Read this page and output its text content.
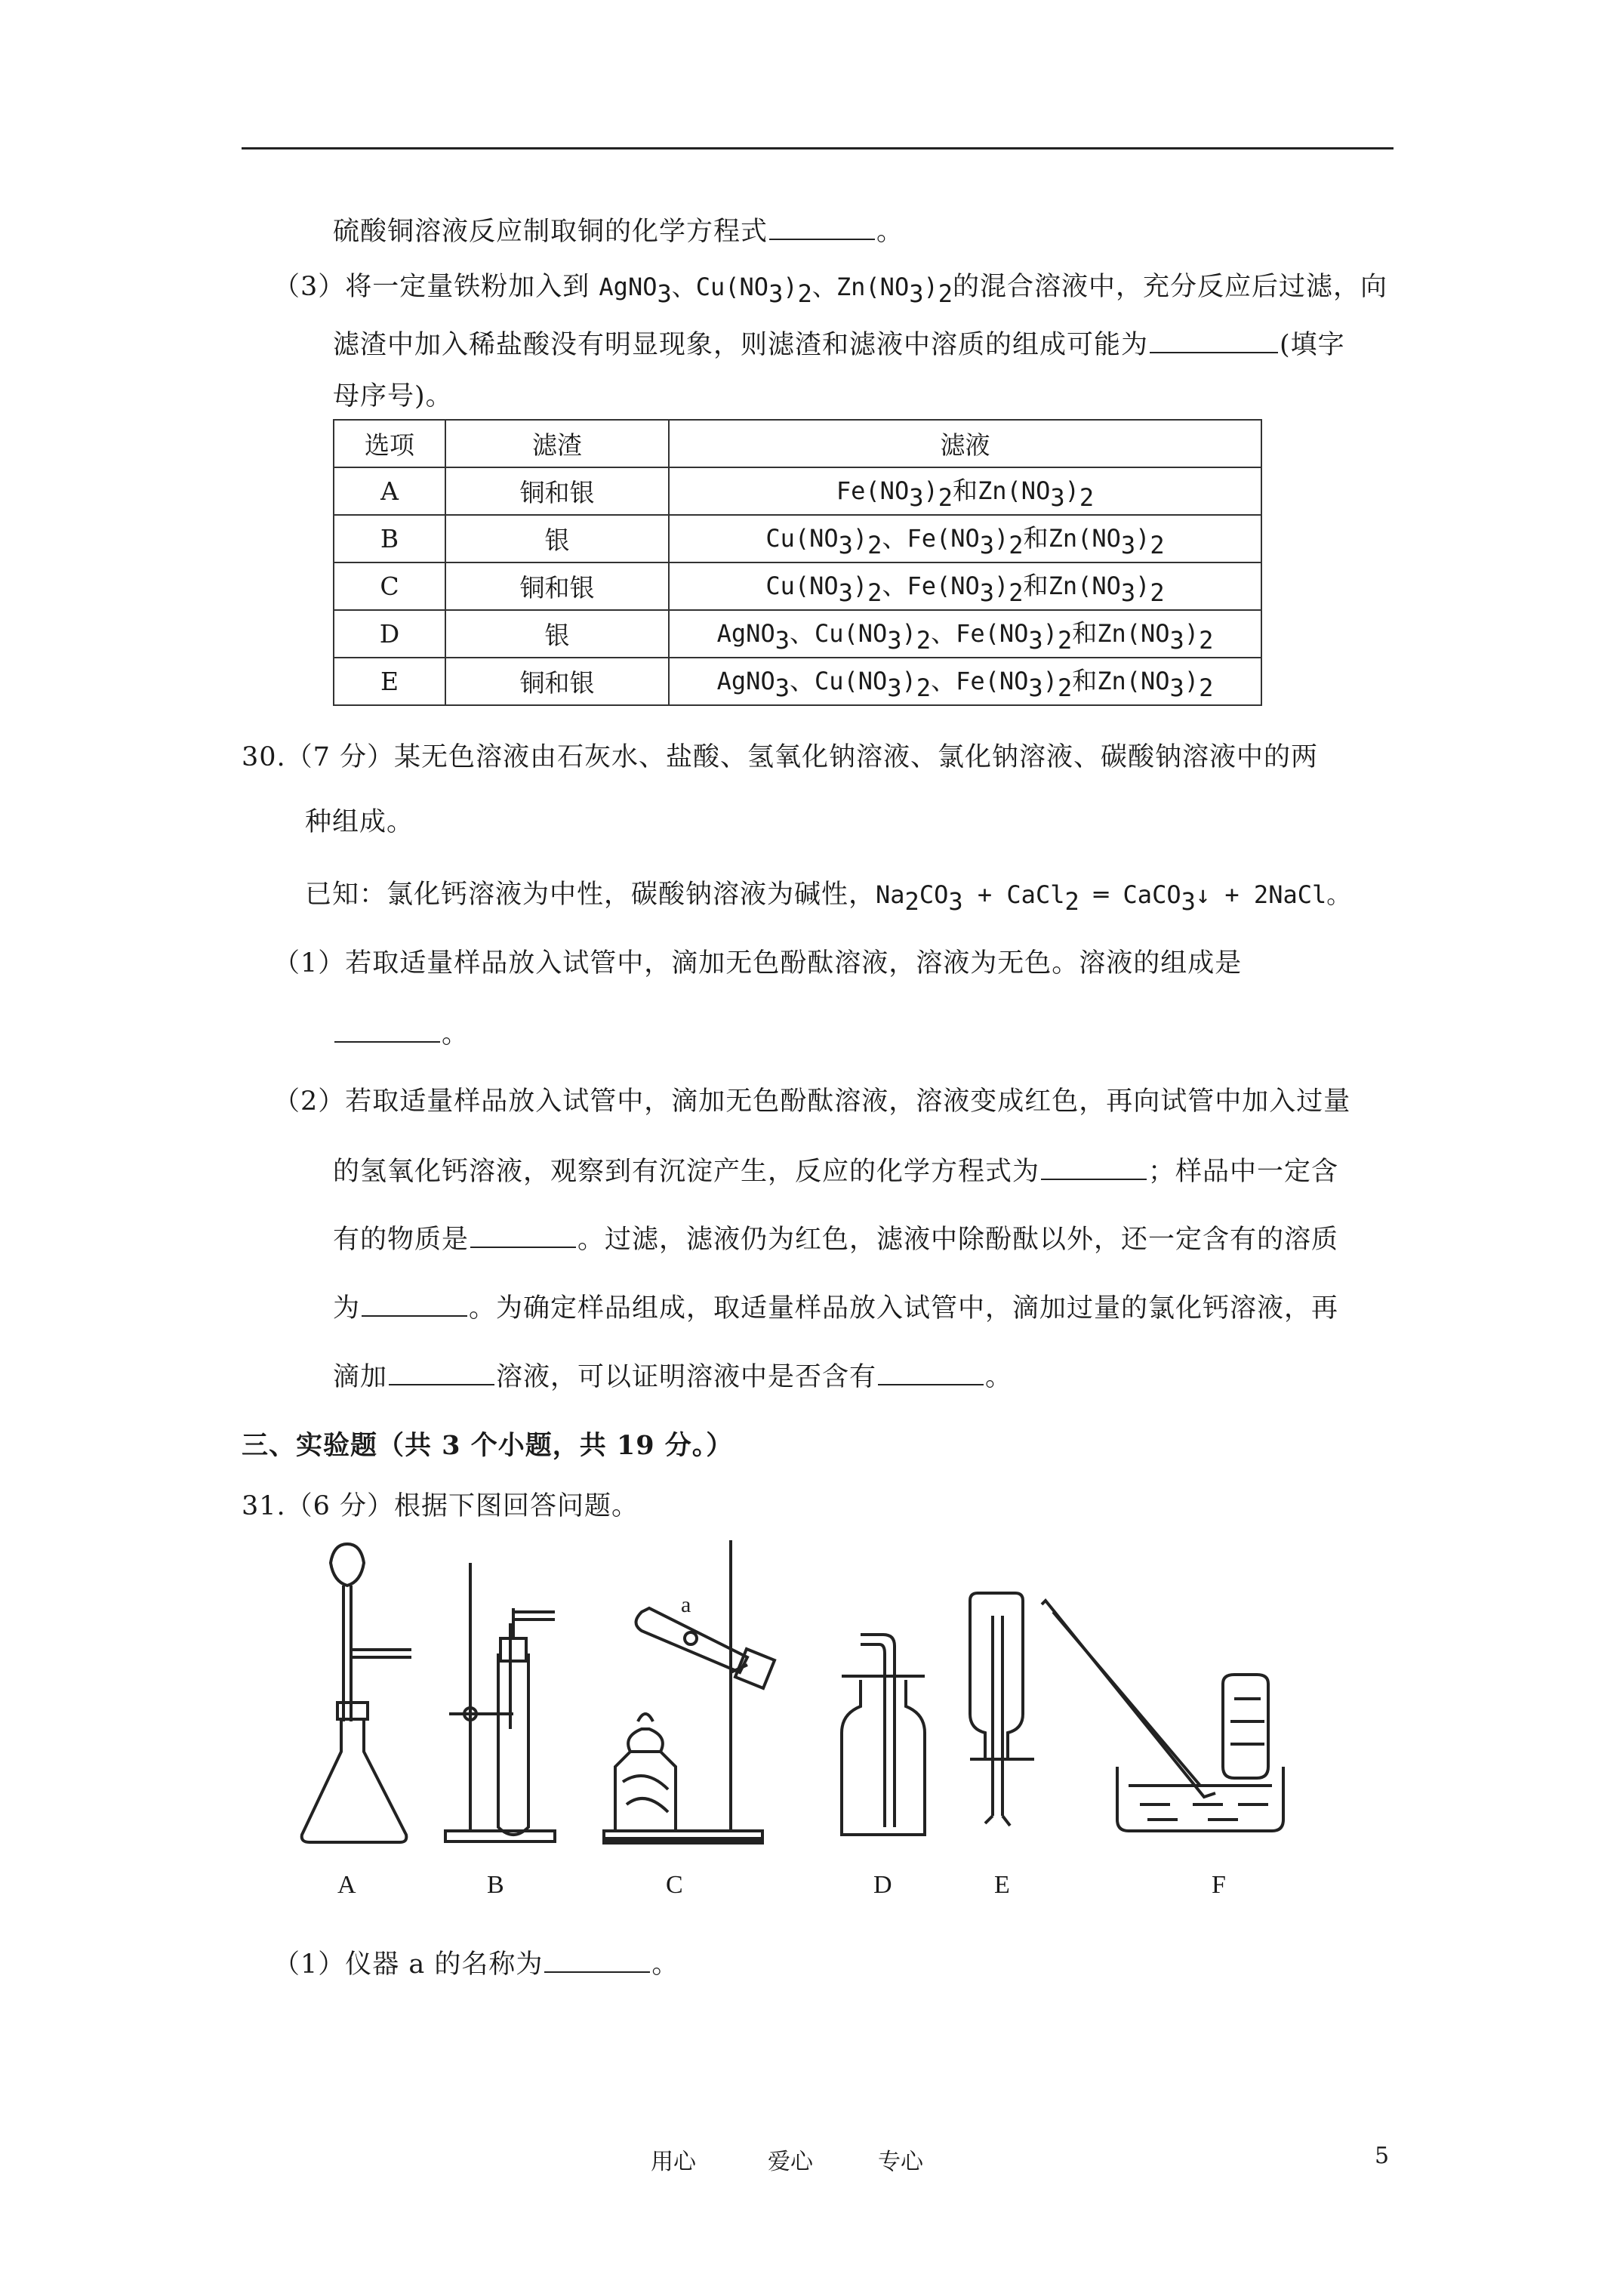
硫酸铜溶液反应制取铜的化学方程式	。
（3）将一定量铁粉加入到 AgNO3、Cu(NO3)2、Zn(NO3)2的混合溶液中，充分反应后过滤，向
滤渣中加入稀盐酸没有明显现象，则滤渣和滤液中溶质的组成可能为	(填字
母序号)。
选项	滤渣	滤液
A	铜和银	Fe(NO3)2和Zn(NO3)2
B	银	Cu(NO3)2、Fe(NO3)2和Zn(NO3)2
C	铜和银	Cu(NO3)2、Fe(NO3)2和Zn(NO3)2
D	银	AgNO3、Cu(NO3)2、Fe(NO3)2和Zn(NO3)2
E	铜和银	AgNO3、Cu(NO3)2、Fe(NO3)2和Zn(NO3)2
30.（7 分）某无色溶液由石灰水、盐酸、氢氧化钠溶液、氯化钠溶液、碳酸钠溶液中的两
种组成。
已知：氯化钙溶液为中性，碳酸钠溶液为碱性，Na2CO3 + CaCl2 ═ CaCO3↓ + 2NaCl。
（1）若取适量样品放入试管中，滴加无色酚酞溶液，溶液为无色。溶液的组成是
。
（2）若取适量样品放入试管中，滴加无色酚酞溶液，溶液变成红色，再向试管中加入过量
的氢氧化钙溶液，观察到有沉淀产生，反应的化学方程式为	；样品中一定含
有的物质是	。过滤，滤液仍为红色，滤液中除酚酞以外，还一定含有的溶质
为	。为确定样品组成，取适量样品放入试管中，滴加过量的氯化钙溶液，再
滴加	溶液，可以证明溶液中是否含有	。
三、实验题（共 3 个小题，共 19 分。）
31.（6 分）根据下图回答问题。
a
A	B	C	D	E	F
（1）仪器 a 的名称为	。
用心	爱心	专心	5
